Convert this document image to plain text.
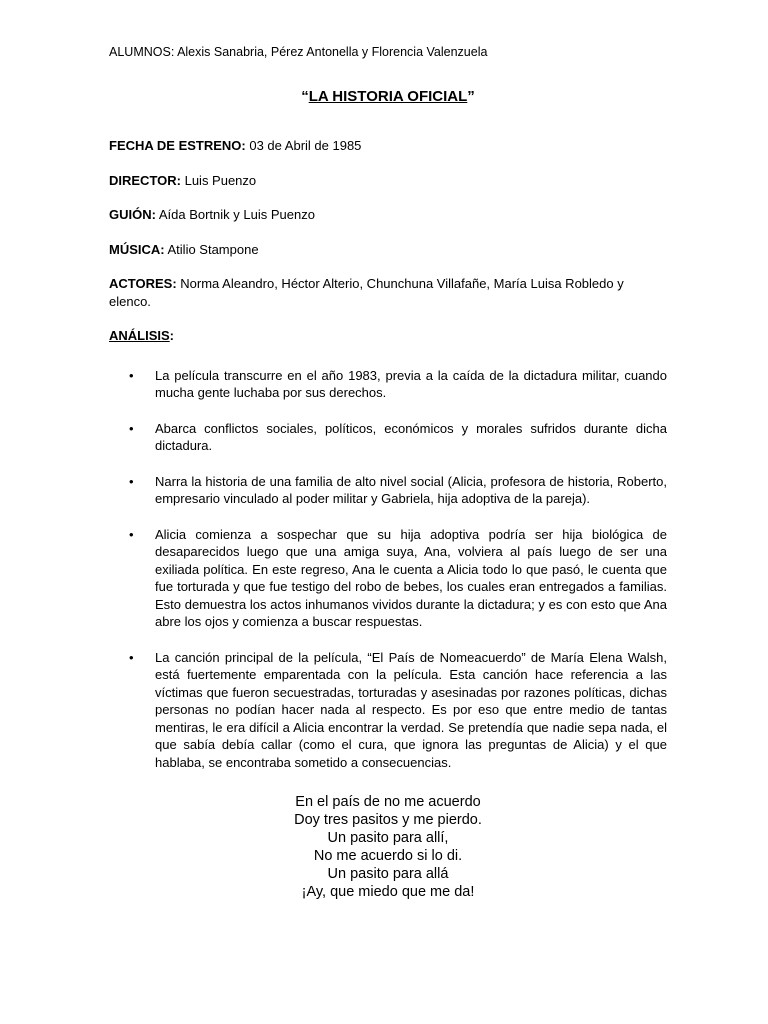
ALUMNOS: Alexis Sanabria, Pérez Antonella y Florencia Valenzuela

“LA HISTORIA OFICIAL”

FECHA DE ESTRENO: 03 de Abril de 1985

DIRECTOR: Luis Puenzo

GUIÓN: Aída Bortnik y Luis Puenzo

MÚSICA: Atilio Stampone

ACTORES: Norma Aleandro, Héctor Alterio, Chunchuna Villafañe, María Luisa Robledo y elenco.

ANÁLISIS:

• La película transcurre en el año 1983, previa a la caída de la dictadura militar, cuando mucha gente luchaba por sus derechos.
• Abarca conflictos sociales, políticos, económicos y morales sufridos durante dicha dictadura.
• Narra la historia de una familia de alto nivel social (Alicia, profesora de historia, Roberto, empresario vinculado al poder militar y Gabriela, hija adoptiva de la pareja).
• Alicia comienza a sospechar que su hija adoptiva podría ser hija biológica de desaparecidos luego que una amiga suya, Ana, volviera al país luego de ser una exiliada política. En este regreso, Ana le cuenta a Alicia todo lo que pasó, le cuenta que fue torturada y que fue testigo del robo de bebes, los cuales eran entregados a familias. Esto demuestra los actos inhumanos vividos durante la dictadura; y es con esto que Ana abre los ojos y comienza a buscar respuestas.
• La canción principal de la película, “El País de Nomeacuerdo” de María Elena Walsh, está fuertemente emparentada con la película. Esta canción hace referencia a las víctimas que fueron secuestradas, torturadas y asesinadas por razones políticas, dichas personas no podían hacer nada al respecto. Es por eso que entre medio de tantas mentiras, le era difícil a Alicia encontrar la verdad. Se pretendía que nadie sepa nada, el que sabía debía callar (como el cura, que ignora las preguntas de Alicia) y el que hablaba, se encontraba sometido a consecuencias.
En el país de no me acuerdo
Doy tres pasitos y me pierdo.
Un pasito para allí,
No me acuerdo si lo di.
Un pasito para allá
¡Ay, que miedo que me da!
